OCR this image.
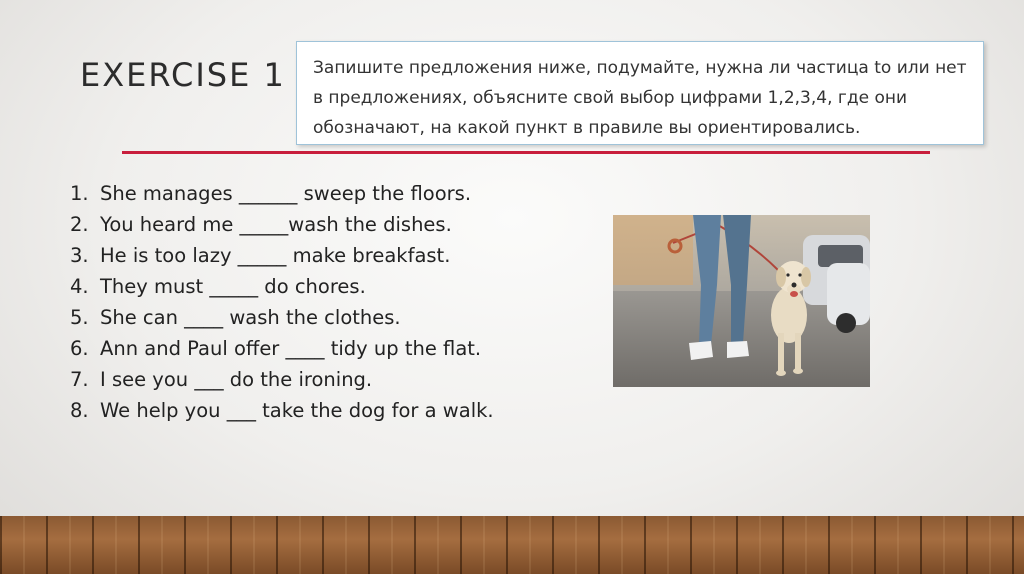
EXERCISE 1	Запишите предложения ниже, подумайте, нужна ли частица to или нет в предложениях, объясните свой выбор цифрами 1,2,3,4, где они обозначают, на какой пункт в правиле вы ориентировались.
1. She manages ______ sweep the floors.
2. You heard me _____wash the dishes.
3. He is too lazy _____ make breakfast.
4. They must _____ do chores.
5. She can ____ wash the clothes.
6. Ann and Paul offer ____ tidy up the flat.
7. I see you ___ do the ironing.
8. We help you ___ take the dog for a walk.
